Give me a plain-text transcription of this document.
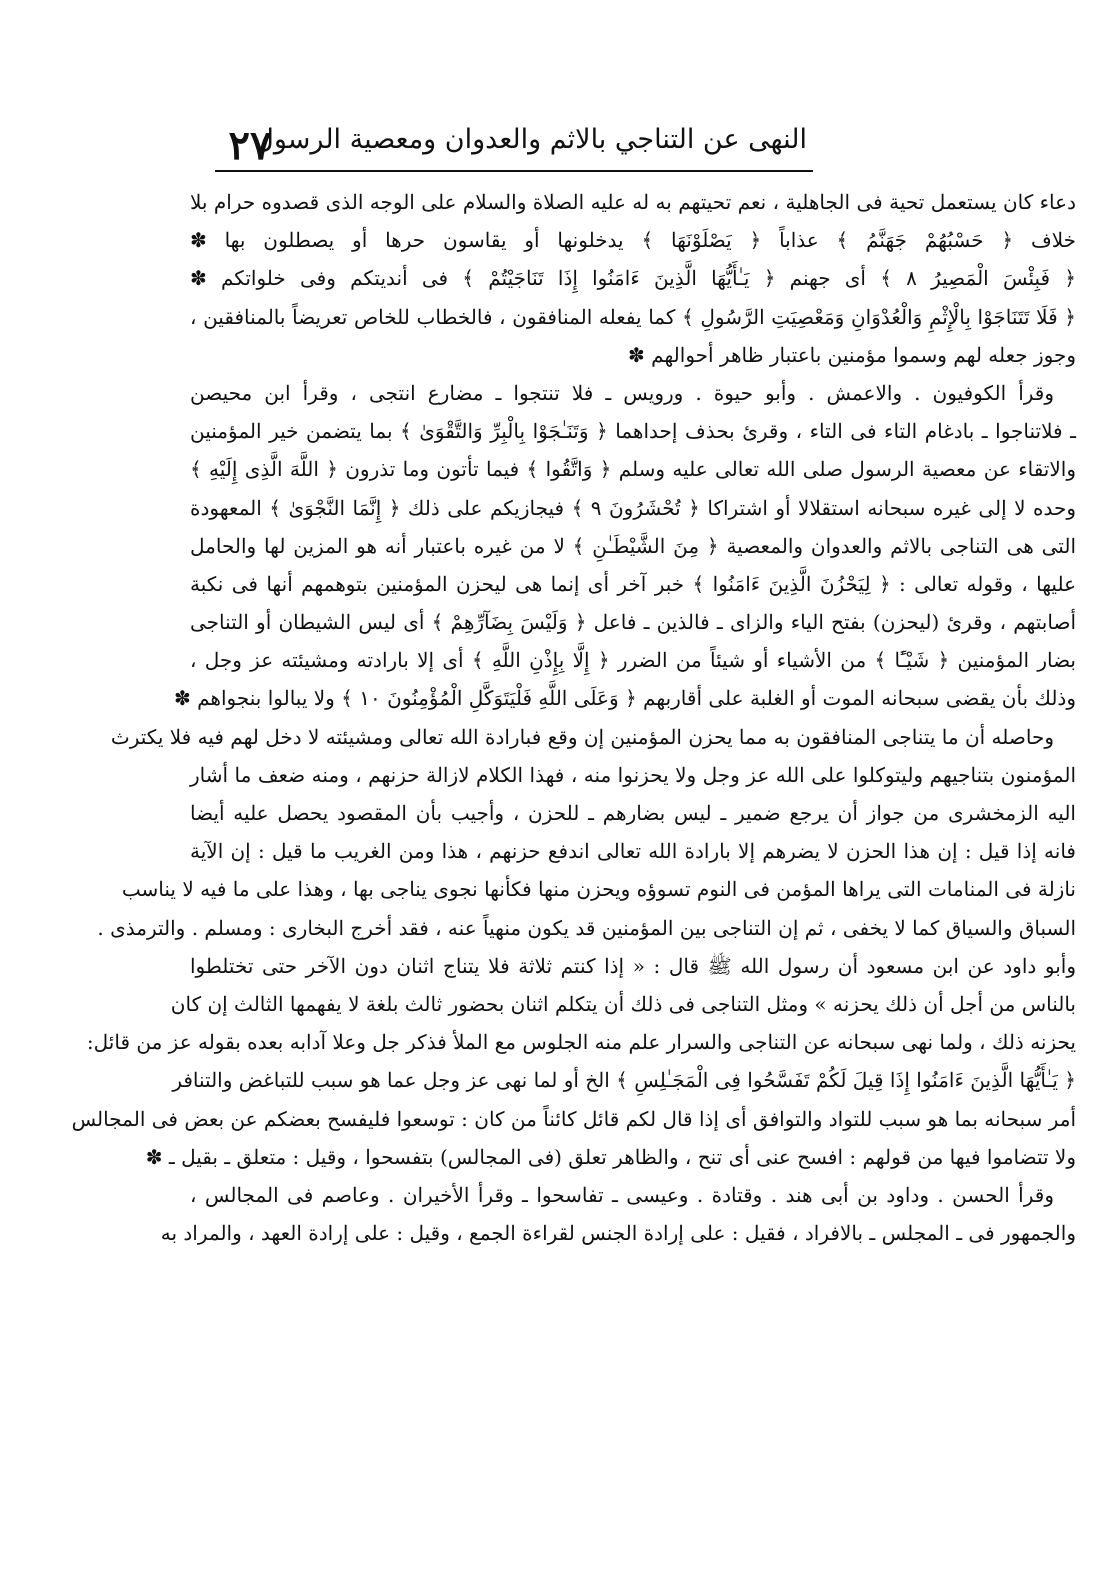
٢٧
النهى عن التناجي بالاثم والعدوان ومعصية الرسول
دعاء كان يستعمل تحية فى الجاهلية ، نعم تحيتهم به له عليه الصلاة والسلام على الوجه الذى قصدوه حرام بلا
خلاف ﴿ حَسْبُهُمْ جَهَنَّمُ ﴾ عذاباً ﴿ يَصْلَوْنَهَا ﴾ يدخلونها أو يقاسون حرها أو يصطلون بها ✽
﴿ فَبِئْسَ الْمَصِيرُ ٨ ﴾ أى جهنم ﴿ يَـٰأَيُّهَا الَّذِينَ ءَامَنُوا إِذَا تَنَاجَيْتُمْ ﴾ فى أنديتكم وفى خلواتكم ✽
﴿ فَلَا تَتَنَاجَوْا بِالْإِثْمِ وَالْعُدْوَانِ وَمَعْصِيَتِ الرَّسُولِ ﴾ كما يفعله المنافقون ، فالخطاب للخاص تعريضاً بالمنافقين ،
وجوز جعله لهم وسموا مؤمنين باعتبار ظاهر أحوالهم ✽
وقرأ الكوفيون . والاعمش . وأبو حيوة . ورويس ـ فلا تنتجوا ـ مضارع انتجى ، وقرأ ابن محيصن
ـ فلاتناجوا ـ بادغام التاء فى التاء ، وقرئ بحذف إحداهما ﴿ وَتَنَـٰجَوْا بِالْبِرِّ وَالتَّقْوَىٰ ﴾ بما يتضمن خير المؤمنين
والاتقاء عن معصية الرسول صلى الله تعالى عليه وسلم ﴿ وَاتَّقُوا ﴾ فيما تأتون وما تذرون ﴿ اللَّهَ الَّذِى إِلَيْهِ ﴾
وحده لا إلى غيره سبحانه استقلالا أو اشتراكا ﴿ تُحْشَرُونَ ٩ ﴾ فيجازيكم على ذلك ﴿ إِنَّمَا النَّجْوَىٰ ﴾ المعهودة
التى هى التناجى بالاثم والعدوان والمعصية ﴿ مِنَ الشَّيْطَـٰنِ ﴾ لا من غيره باعتبار أنه هو المزين لها والحامل
عليها ، وقوله تعالى : ﴿ لِيَحْزُنَ الَّذِينَ ءَامَنُوا ﴾ خبر آخر أى إنما هى ليحزن المؤمنين بتوهمهم أنها فى نكبة
أصابتهم ، وقرئ (ليحزن) بفتح الياء والزاى ـ فالذين ـ فاعل ﴿ وَلَيْسَ بِضَآرِّهِمْ ﴾ أى ليس الشيطان أو التناجى
بضار المؤمنين ﴿ شَيْـًٔا ﴾ من الأشياء أو شيئاً من الضرر ﴿ إِلَّا بِإِذْنِ اللَّهِ ﴾ أى إلا بارادته ومشيئته عز وجل ،
وذلك بأن يقضى سبحانه الموت أو الغلبة على أقاربهم ﴿ وَعَلَى اللَّهِ فَلْيَتَوَكَّلِ الْمُؤْمِنُونَ ١٠ ﴾ ولا يبالوا بنجواهم ✽
وحاصله أن ما يتناجى المنافقون به مما يحزن المؤمنين إن وقع فبارادة الله تعالى ومشيئته لا دخل لهم فيه فلا يكترث
المؤمنون بتناجيهم وليتوكلوا على الله عز وجل ولا يحزنوا منه ، فهذا الكلام لازالة حزنهم ، ومنه ضعف ما أشار
اليه الزمخشرى من جواز أن يرجع ضمير ـ ليس بضارهم ـ للحزن ، وأجيب بأن المقصود يحصل عليه أيضا
فانه إذا قيل : إن هذا الحزن لا يضرهم إلا بارادة الله تعالى اندفع حزنهم ، هذا ومن الغريب ما قيل : إن الآية
نازلة فى المنامات التى يراها المؤمن فى النوم تسوؤه ويحزن منها فكأنها نجوى يناجى بها ، وهذا على ما فيه لا يناسب
السباق والسياق كما لا يخفى ، ثم إن التناجى بين المؤمنين قد يكون منهياً عنه ، فقد أخرج البخارى : ومسلم . والترمذى .
وأبو داود عن ابن مسعود أن رسول الله ﷺ قال : « إذا كنتم ثلاثة فلا يتناج اثنان دون الآخر حتى تختلطوا
بالناس من أجل أن ذلك يحزنه » ومثل التناجى فى ذلك أن يتكلم اثنان بحضور ثالث بلغة لا يفهمها الثالث إن كان
يحزنه ذلك ، ولما نهى سبحانه عن التناجى والسرار علم منه الجلوس مع الملأ فذكر جل وعلا آدابه بعده بقوله عز من قائل:
﴿ يَـٰأَيُّهَا الَّذِينَ ءَامَنُوا إِذَا قِيلَ لَكُمْ تَفَسَّحُوا فِى الْمَجَـٰلِسِ ﴾ الخ أو لما نهى عز وجل عما هو سبب للتباغض والتنافر
أمر سبحانه بما هو سبب للتواد والتوافق أى إذا قال لكم قائل كائناً من كان : توسعوا فليفسح بعضكم عن بعض فى المجالس
ولا تتضاموا فيها من قولهم : افسح عنى أى تنح ، والظاهر تعلق (فى المجالس) بتفسحوا ، وقيل : متعلق ـ بقيل ـ ✽
وقرأ الحسن . وداود بن أبى هند . وقتادة . وعيسى ـ تفاسحوا ـ وقرأ الأخيران . وعاصم فى المجالس ،
والجمهور فى ـ المجلس ـ بالافراد ، فقيل : على إرادة الجنس لقراءة الجمع ، وقيل : على إرادة العهد ، والمراد به
